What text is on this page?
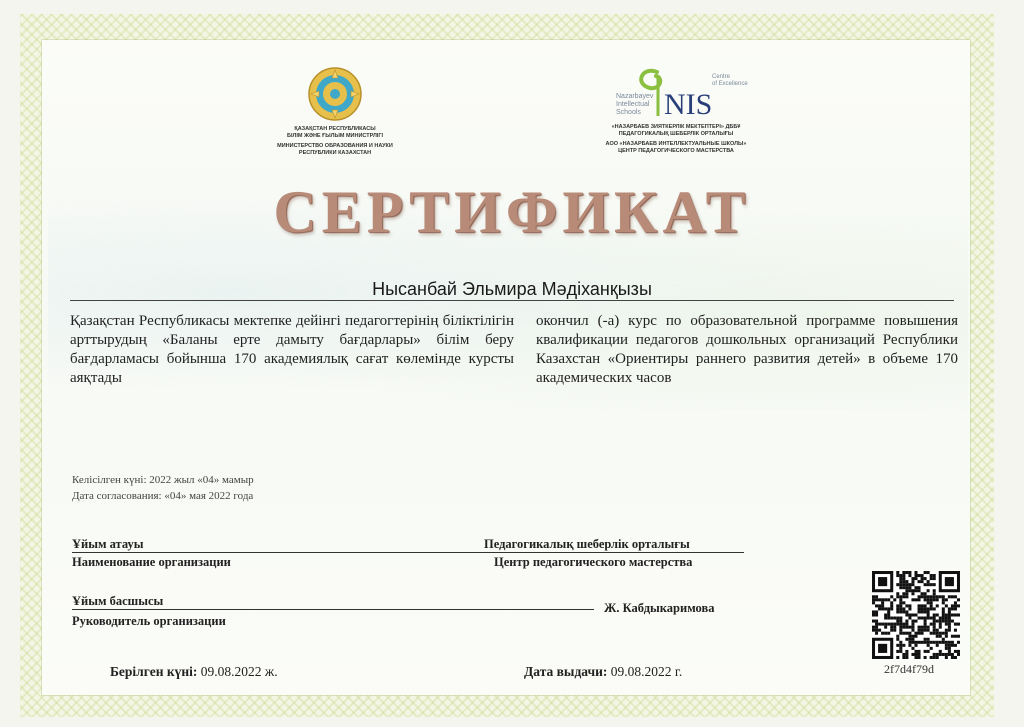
ҚАЗАҚСТАН РЕСПУБЛИКАСЫ
БІЛІМ ЖӘНЕ ҒЫЛЫМ МИНИСТРЛІГІ
МИНИСТЕРСТВО ОБРАЗОВАНИЯ И НАУКИ
РЕСПУБЛИКИ КАЗАХСТАН
Nazarbayev
Intellectual
Schools NIS
Centre
of Excellence
«НАЗАРБАЕВ ЗИЯТКЕРЛІК МЕКТЕПТЕРІ» ДББҰ
ПЕДАГОГИКАЛЫҚ ШЕБЕРЛІК ОРТАЛЫҒЫ
АОО «НАЗАРБАЕВ ИНТЕЛЛЕКТУАЛЬНЫЕ ШКОЛЫ»
ЦЕНТР ПЕДАГОГИЧЕСКОГО МАСТЕРСТВА
СЕРТИФИКАТ
Нысанбай Эльмира Мәдіханқызы
Қазақстан Республикасы мектепке дейінгі педагогтерінің біліктілігін арттырудың «Баланы ерте дамыту бағдарлары» білім беру бағдарламасы бойынша 170 академиялық сағат көлемінде курсты аяқтады
окончил (-а) курс по образовательной программе повышения квалификации педагогов дошкольных организаций Республики Казахстан «Ориентиры раннего развития детей» в объеме 170 академических часов
Келісілген күні: 2022 жыл «04» мамыр
Дата согласования: «04» мая 2022 года
Ұйым атауы	Педагогикалық шеберлік орталығы
Наименование организации	Центр педагогического мастерства
Ұйым басшысы	Ж. Кабдыкаримова
Руководитель организации
2f7d4f79d
Берілген күні: 09.08.2022 ж.	Дата выдачи: 09.08.2022 г.
